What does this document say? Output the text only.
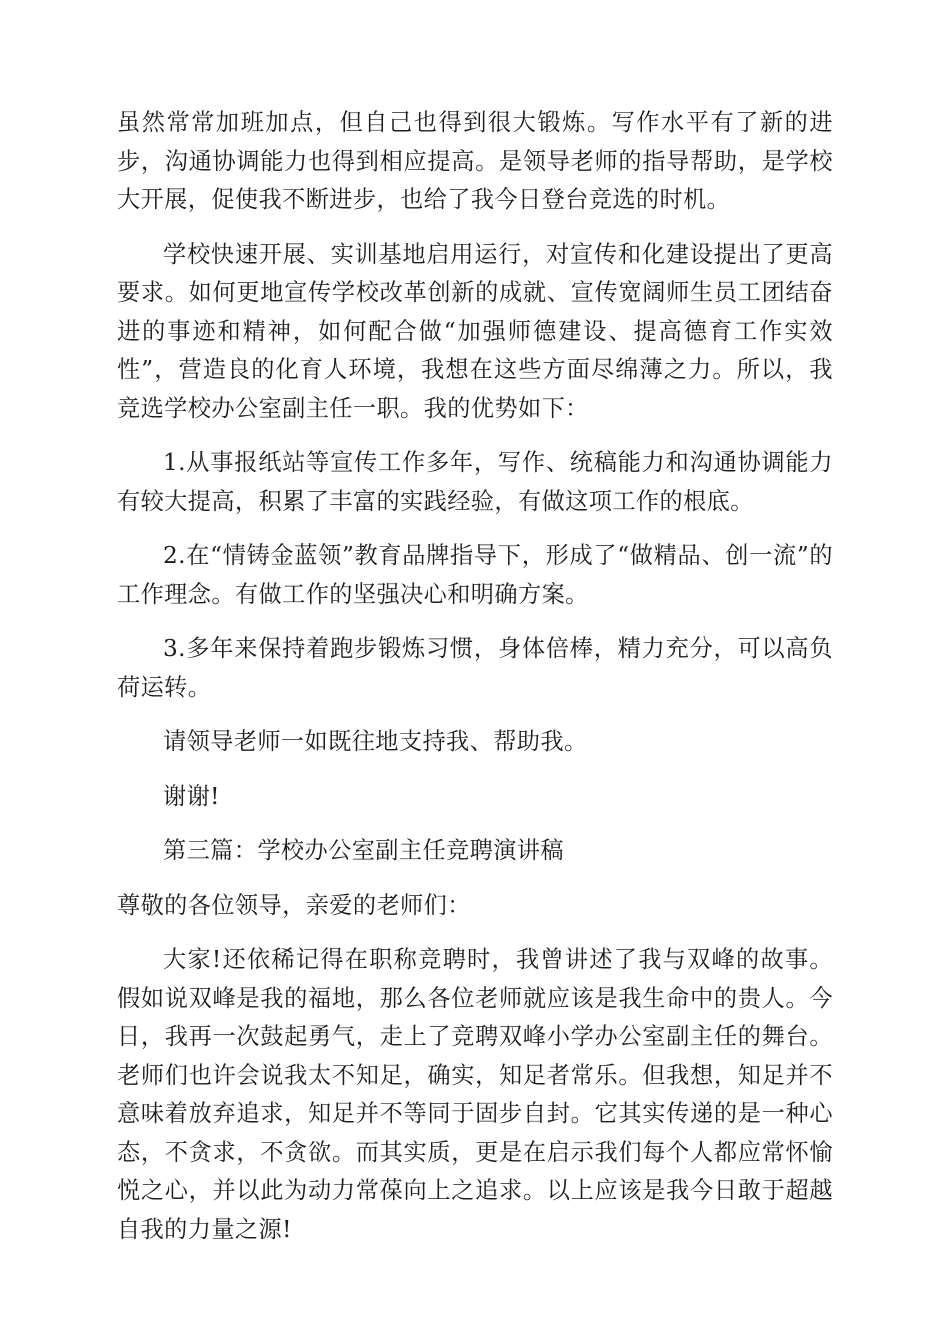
虽然常常加班加点，但自己也得到很大锻炼。写作水平有了新的进步，沟通协调能力也得到相应提高。是领导老师的指导帮助，是学校大开展，促使我不断进步，也给了我今日登台竞选的时机。

学校快速开展、实训基地启用运行，对宣传和化建设提出了更高要求。如何更地宣传学校改革创新的成就、宣传宽阔师生员工团结奋进的事迹和精神，如何配合做“加强师德建设、提高德育工作实效性”，营造良的化育人环境，我想在这些方面尽绵薄之力。所以，我竞选学校办公室副主任一职。我的优势如下：

1.从事报纸站等宣传工作多年，写作、统稿能力和沟通协调能力有较大提高，积累了丰富的实践经验，有做这项工作的根底。

2.在“情铸金蓝领”教育品牌指导下，形成了“做精品、创一流”的工作理念。有做工作的坚强决心和明确方案。

3.多年来保持着跑步锻炼习惯，身体倍棒，精力充分，可以高负荷运转。

请领导老师一如既往地支持我、帮助我。

谢谢!

第三篇：学校办公室副主任竞聘演讲稿

尊敬的各位领导，亲爱的老师们：

大家!还依稀记得在职称竞聘时，我曾讲述了我与双峰的故事。假如说双峰是我的福地，那么各位老师就应该是我生命中的贵人。今日，我再一次鼓起勇气，走上了竞聘双峰小学办公室副主任的舞台。老师们也许会说我太不知足，确实，知足者常乐。但我想，知足并不意味着放弃追求，知足并不等同于固步自封。它其实传递的是一种心态，不贪求，不贪欲。而其实质，更是在启示我们每个人都应常怀愉悦之心，并以此为动力常葆向上之追求。以上应该是我今日敢于超越自我的力量之源!
